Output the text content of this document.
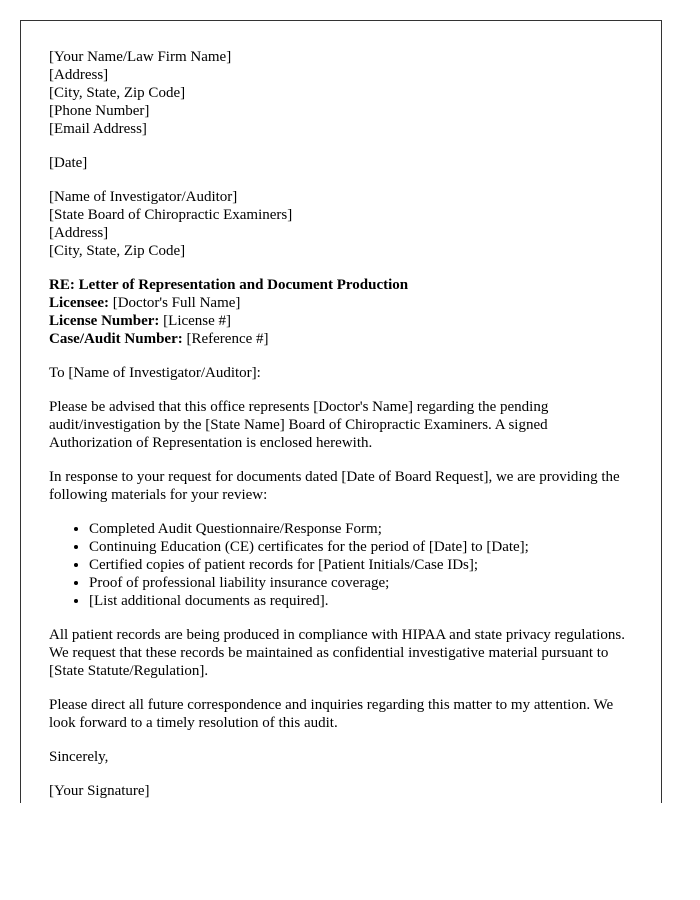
[Your Name/Law Firm Name]
[Address]
[City, State, Zip Code]
[Phone Number]
[Email Address]

[Date]

[Name of Investigator/Auditor]
[State Board of Chiropractic Examiners]
[Address]
[City, State, Zip Code]

RE: Letter of Representation and Document Production
Licensee: [Doctor's Full Name]
License Number: [License #]
Case/Audit Number: [Reference #]

To [Name of Investigator/Auditor]:

Please be advised that this office represents [Doctor's Name] regarding the pending audit/investigation by the [State Name] Board of Chiropractic Examiners. A signed Authorization of Representation is enclosed herewith.

In response to your request for documents dated [Date of Board Request], we are providing the following materials for your review:

• Completed Audit Questionnaire/Response Form;
• Continuing Education (CE) certificates for the period of [Date] to [Date];
• Certified copies of patient records for [Patient Initials/Case IDs];
• Proof of professional liability insurance coverage;
• [List additional documents as required].

All patient records are being produced in compliance with HIPAA and state privacy regulations. We request that these records be maintained as confidential investigative material pursuant to [State Statute/Regulation].

Please direct all future correspondence and inquiries regarding this matter to my attention. We look forward to a timely resolution of this audit.

Sincerely,

[Your Signature]
